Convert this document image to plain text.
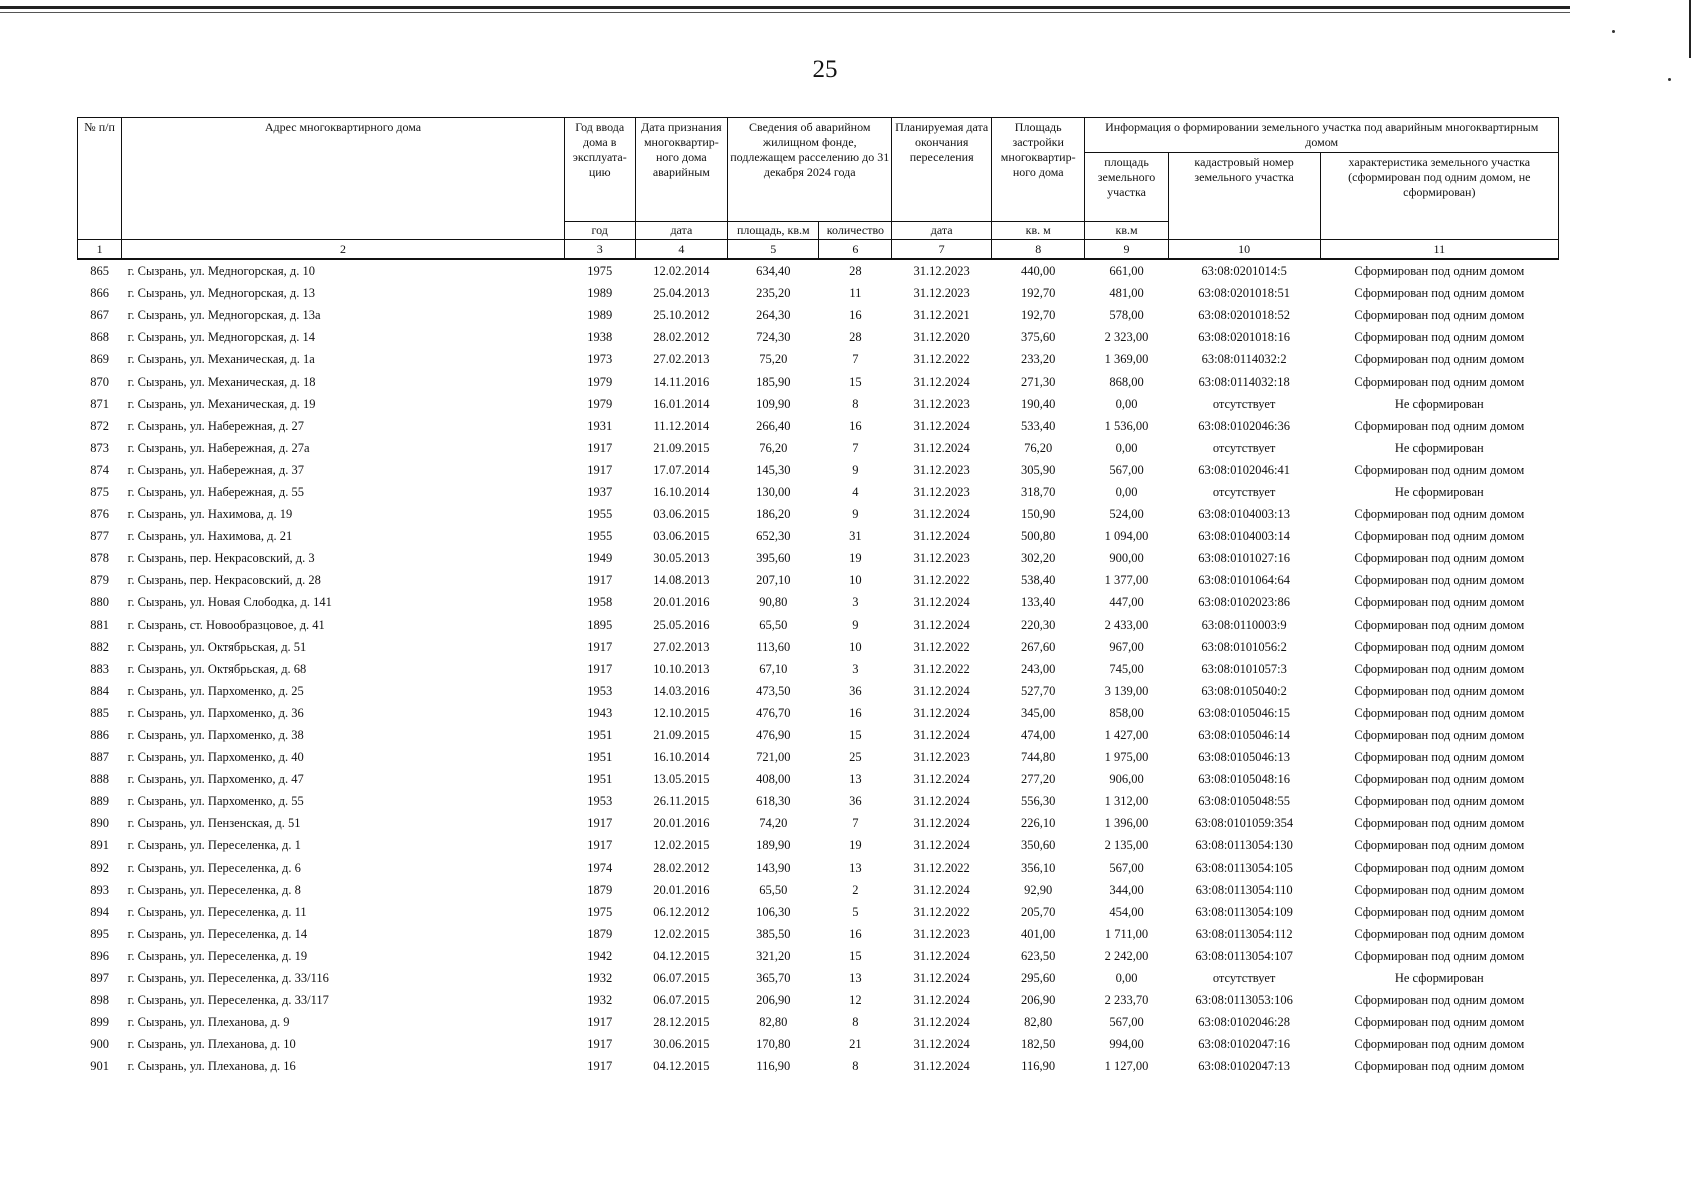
25
№ п/п	Адрес многоквартирного дома	Год ввода дома в эксплуата- цию	Дата признания многоквартир- ного дома аварийным	Сведения об аварийном жилищном фонде, подлежащем расселению до 31 декабря 2024 года		Планируемая дата окончания переселения	Площадь застройки многоквартир- ного дома	Информация о формировании земельного участка под аварийным многоквартирным домом		
								площадь земельного участка	кадастровый номер земельного участка	характеристика земельного участка (сформирован под одним домом, не сформирован)
		год	дата	площадь, кв.м	количество	дата	кв. м	кв.м		
1	2	3	4	5	6	7	8	9	10	11
865	г. Сызрань, ул. Медногорская, д. 10	1975	12.02.2014	634,40	28	31.12.2023	440,00	661,00	63:08:0201014:5	Сформирован под одним домом
866	г. Сызрань, ул. Медногорская, д. 13	1989	25.04.2013	235,20	11	31.12.2023	192,70	481,00	63:08:0201018:51	Сформирован под одним домом
867	г. Сызрань, ул. Медногорская, д. 13а	1989	25.10.2012	264,30	16	31.12.2021	192,70	578,00	63:08:0201018:52	Сформирован под одним домом
868	г. Сызрань, ул. Медногорская, д. 14	1938	28.02.2012	724,30	28	31.12.2020	375,60	2 323,00	63:08:0201018:16	Сформирован под одним домом
869	г. Сызрань, ул. Механическая, д. 1а	1973	27.02.2013	75,20	7	31.12.2022	233,20	1 369,00	63:08:0114032:2	Сформирован под одним домом
870	г. Сызрань, ул. Механическая, д. 18	1979	14.11.2016	185,90	15	31.12.2024	271,30	868,00	63:08:0114032:18	Сформирован под одним домом
871	г. Сызрань, ул. Механическая, д. 19	1979	16.01.2014	109,90	8	31.12.2023	190,40	0,00	отсутствует	Не сформирован
872	г. Сызрань, ул. Набережная, д. 27	1931	11.12.2014	266,40	16	31.12.2024	533,40	1 536,00	63:08:0102046:36	Сформирован под одним домом
873	г. Сызрань, ул. Набережная, д. 27а	1917	21.09.2015	76,20	7	31.12.2024	76,20	0,00	отсутствует	Не сформирован
874	г. Сызрань, ул. Набережная, д. 37	1917	17.07.2014	145,30	9	31.12.2023	305,90	567,00	63:08:0102046:41	Сформирован под одним домом
875	г. Сызрань, ул. Набережная, д. 55	1937	16.10.2014	130,00	4	31.12.2023	318,70	0,00	отсутствует	Не сформирован
876	г. Сызрань, ул. Нахимова, д. 19	1955	03.06.2015	186,20	9	31.12.2024	150,90	524,00	63:08:0104003:13	Сформирован под одним домом
877	г. Сызрань, ул. Нахимова, д. 21	1955	03.06.2015	652,30	31	31.12.2024	500,80	1 094,00	63:08:0104003:14	Сформирован под одним домом
878	г. Сызрань, пер. Некрасовский, д. 3	1949	30.05.2013	395,60	19	31.12.2023	302,20	900,00	63:08:0101027:16	Сформирован под одним домом
879	г. Сызрань, пер. Некрасовский, д. 28	1917	14.08.2013	207,10	10	31.12.2022	538,40	1 377,00	63:08:0101064:64	Сформирован под одним домом
880	г. Сызрань, ул. Новая Слободка, д. 141	1958	20.01.2016	90,80	3	31.12.2024	133,40	447,00	63:08:0102023:86	Сформирован под одним домом
881	г. Сызрань, ст. Новообразцовое, д. 41	1895	25.05.2016	65,50	9	31.12.2024	220,30	2 433,00	63:08:0110003:9	Сформирован под одним домом
882	г. Сызрань, ул. Октябрьская, д. 51	1917	27.02.2013	113,60	10	31.12.2022	267,60	967,00	63:08:0101056:2	Сформирован под одним домом
883	г. Сызрань, ул. Октябрьская, д. 68	1917	10.10.2013	67,10	3	31.12.2022	243,00	745,00	63:08:0101057:3	Сформирован под одним домом
884	г. Сызрань, ул. Пархоменко, д. 25	1953	14.03.2016	473,50	36	31.12.2024	527,70	3 139,00	63:08:0105040:2	Сформирован под одним домом
885	г. Сызрань, ул. Пархоменко, д. 36	1943	12.10.2015	476,70	16	31.12.2024	345,00	858,00	63:08:0105046:15	Сформирован под одним домом
886	г. Сызрань, ул. Пархоменко, д. 38	1951	21.09.2015	476,90	15	31.12.2024	474,00	1 427,00	63:08:0105046:14	Сформирован под одним домом
887	г. Сызрань, ул. Пархоменко, д. 40	1951	16.10.2014	721,00	25	31.12.2023	744,80	1 975,00	63:08:0105046:13	Сформирован под одним домом
888	г. Сызрань, ул. Пархоменко, д. 47	1951	13.05.2015	408,00	13	31.12.2024	277,20	906,00	63:08:0105048:16	Сформирован под одним домом
889	г. Сызрань, ул. Пархоменко, д. 55	1953	26.11.2015	618,30	36	31.12.2024	556,30	1 312,00	63:08:0105048:55	Сформирован под одним домом
890	г. Сызрань, ул. Пензенская, д. 51	1917	20.01.2016	74,20	7	31.12.2024	226,10	1 396,00	63:08:0101059:354	Сформирован под одним домом
891	г. Сызрань, ул. Переселенка, д. 1	1917	12.02.2015	189,90	19	31.12.2024	350,60	2 135,00	63:08:0113054:130	Сформирован под одним домом
892	г. Сызрань, ул. Переселенка, д. 6	1974	28.02.2012	143,90	13	31.12.2022	356,10	567,00	63:08:0113054:105	Сформирован под одним домом
893	г. Сызрань, ул. Переселенка, д. 8	1879	20.01.2016	65,50	2	31.12.2024	92,90	344,00	63:08:0113054:110	Сформирован под одним домом
894	г. Сызрань, ул. Переселенка, д. 11	1975	06.12.2012	106,30	5	31.12.2022	205,70	454,00	63:08:0113054:109	Сформирован под одним домом
895	г. Сызрань, ул. Переселенка, д. 14	1879	12.02.2015	385,50	16	31.12.2023	401,00	1 711,00	63:08:0113054:112	Сформирован под одним домом
896	г. Сызрань, ул. Переселенка, д. 19	1942	04.12.2015	321,20	15	31.12.2024	623,50	2 242,00	63:08:0113054:107	Сформирован под одним домом
897	г. Сызрань, ул. Переселенка, д. 33/116	1932	06.07.2015	365,70	13	31.12.2024	295,60	0,00	отсутствует	Не сформирован
898	г. Сызрань, ул. Переселенка, д. 33/117	1932	06.07.2015	206,90	12	31.12.2024	206,90	2 233,70	63:08:0113053:106	Сформирован под одним домом
899	г. Сызрань, ул. Плеханова, д. 9	1917	28.12.2015	82,80	8	31.12.2024	82,80	567,00	63:08:0102046:28	Сформирован под одним домом
900	г. Сызрань, ул. Плеханова, д. 10	1917	30.06.2015	170,80	21	31.12.2024	182,50	994,00	63:08:0102047:16	Сформирован под одним домом
901	г. Сызрань, ул. Плеханова, д. 16	1917	04.12.2015	116,90	8	31.12.2024	116,90	1 127,00	63:08:0102047:13	Сформирован под одним домом
